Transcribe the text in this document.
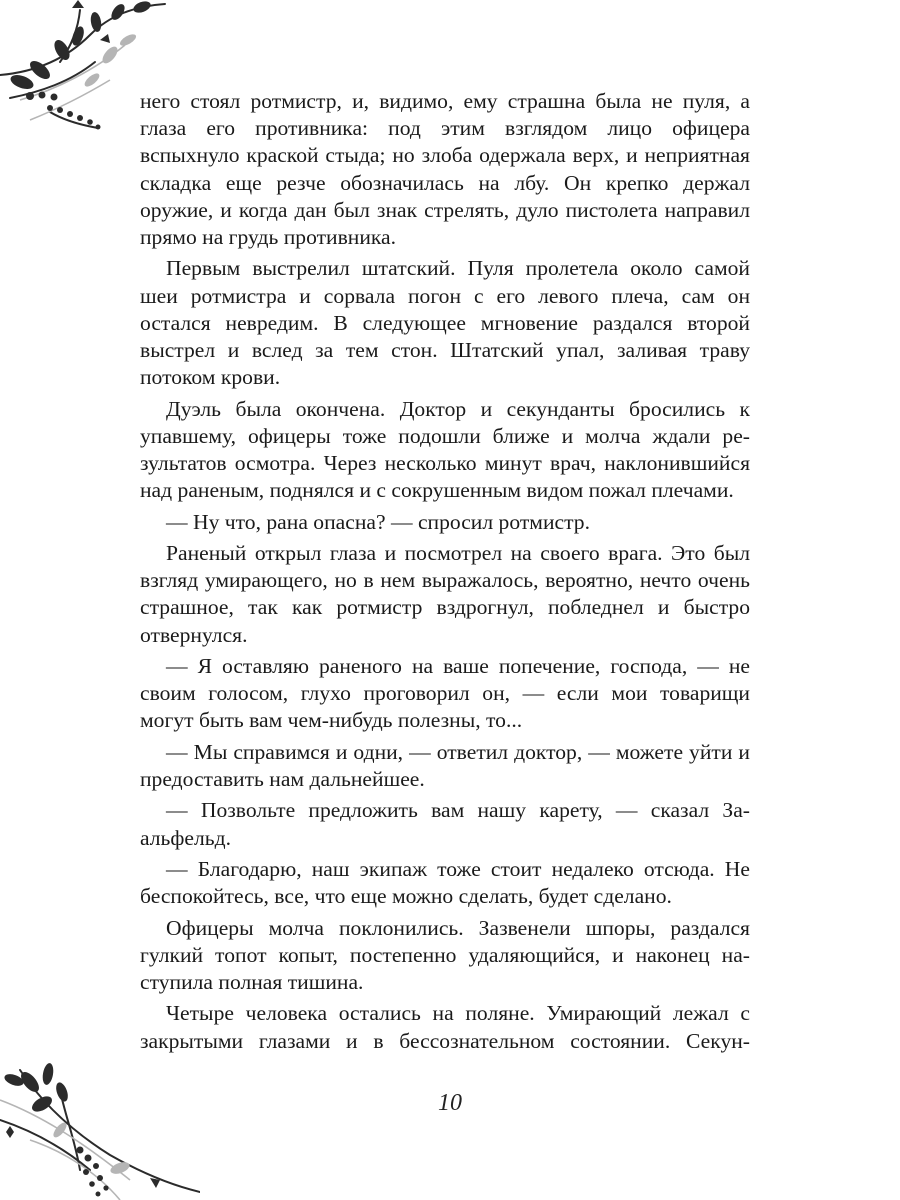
него стоял ротмистр, и, видимо, ему страшна была не пуля, а глаза его противника: под этим взглядом лицо офицера вспыхнуло краской стыда; но злоба одержала верх, и неприятная складка еще резче обозначилась на лбу. Он крепко держал оружие, и когда дан был знак стрелять, дуло пистолета направил прямо на грудь противника.

Первым выстрелил штатский. Пуля пролетела около самой шеи ротмистра и сорвала погон с его левого плеча, сам он остался невредим. В следующее мгновение раздался второй выстрел и вслед за тем стон. Штатский упал, заливая траву потоком крови.

Дуэль была окончена. Доктор и секунданты бросились к упавшему, офицеры тоже подошли ближе и молча ждали результатов осмотра. Через несколько минут врач, наклонившийся над раненым, поднялся и с сокрушенным видом пожал плечами.

— Ну что, рана опасна? — спросил ротмистр.

Раненый открыл глаза и посмотрел на своего врага. Это был взгляд умирающего, но в нем выражалось, вероятно, нечто очень страшное, так как ротмистр вздрогнул, побледнел и быстро отвернулся.

— Я оставляю раненого на ваше попечение, господа, — не своим голосом, глухо проговорил он, — если мои товарищи могут быть вам чем-нибудь полезны, то...

— Мы справимся и одни, — ответил доктор, — можете уйти и предоставить нам дальнейшее.

— Позвольте предложить вам нашу карету, — сказал Заальфельд.

— Благодарю, наш экипаж тоже стоит недалеко отсюда. Не беспокойтесь, все, что еще можно сделать, будет сделано.

Офицеры молча поклонились. Зазвенели шпоры, раздался гулкий топот копыт, постепенно удаляющийся, и наконец наступила полная тишина.

Четыре человека остались на поляне. Умирающий лежал с закрытыми глазами и в бессознательном состоянии. Секун-

10
